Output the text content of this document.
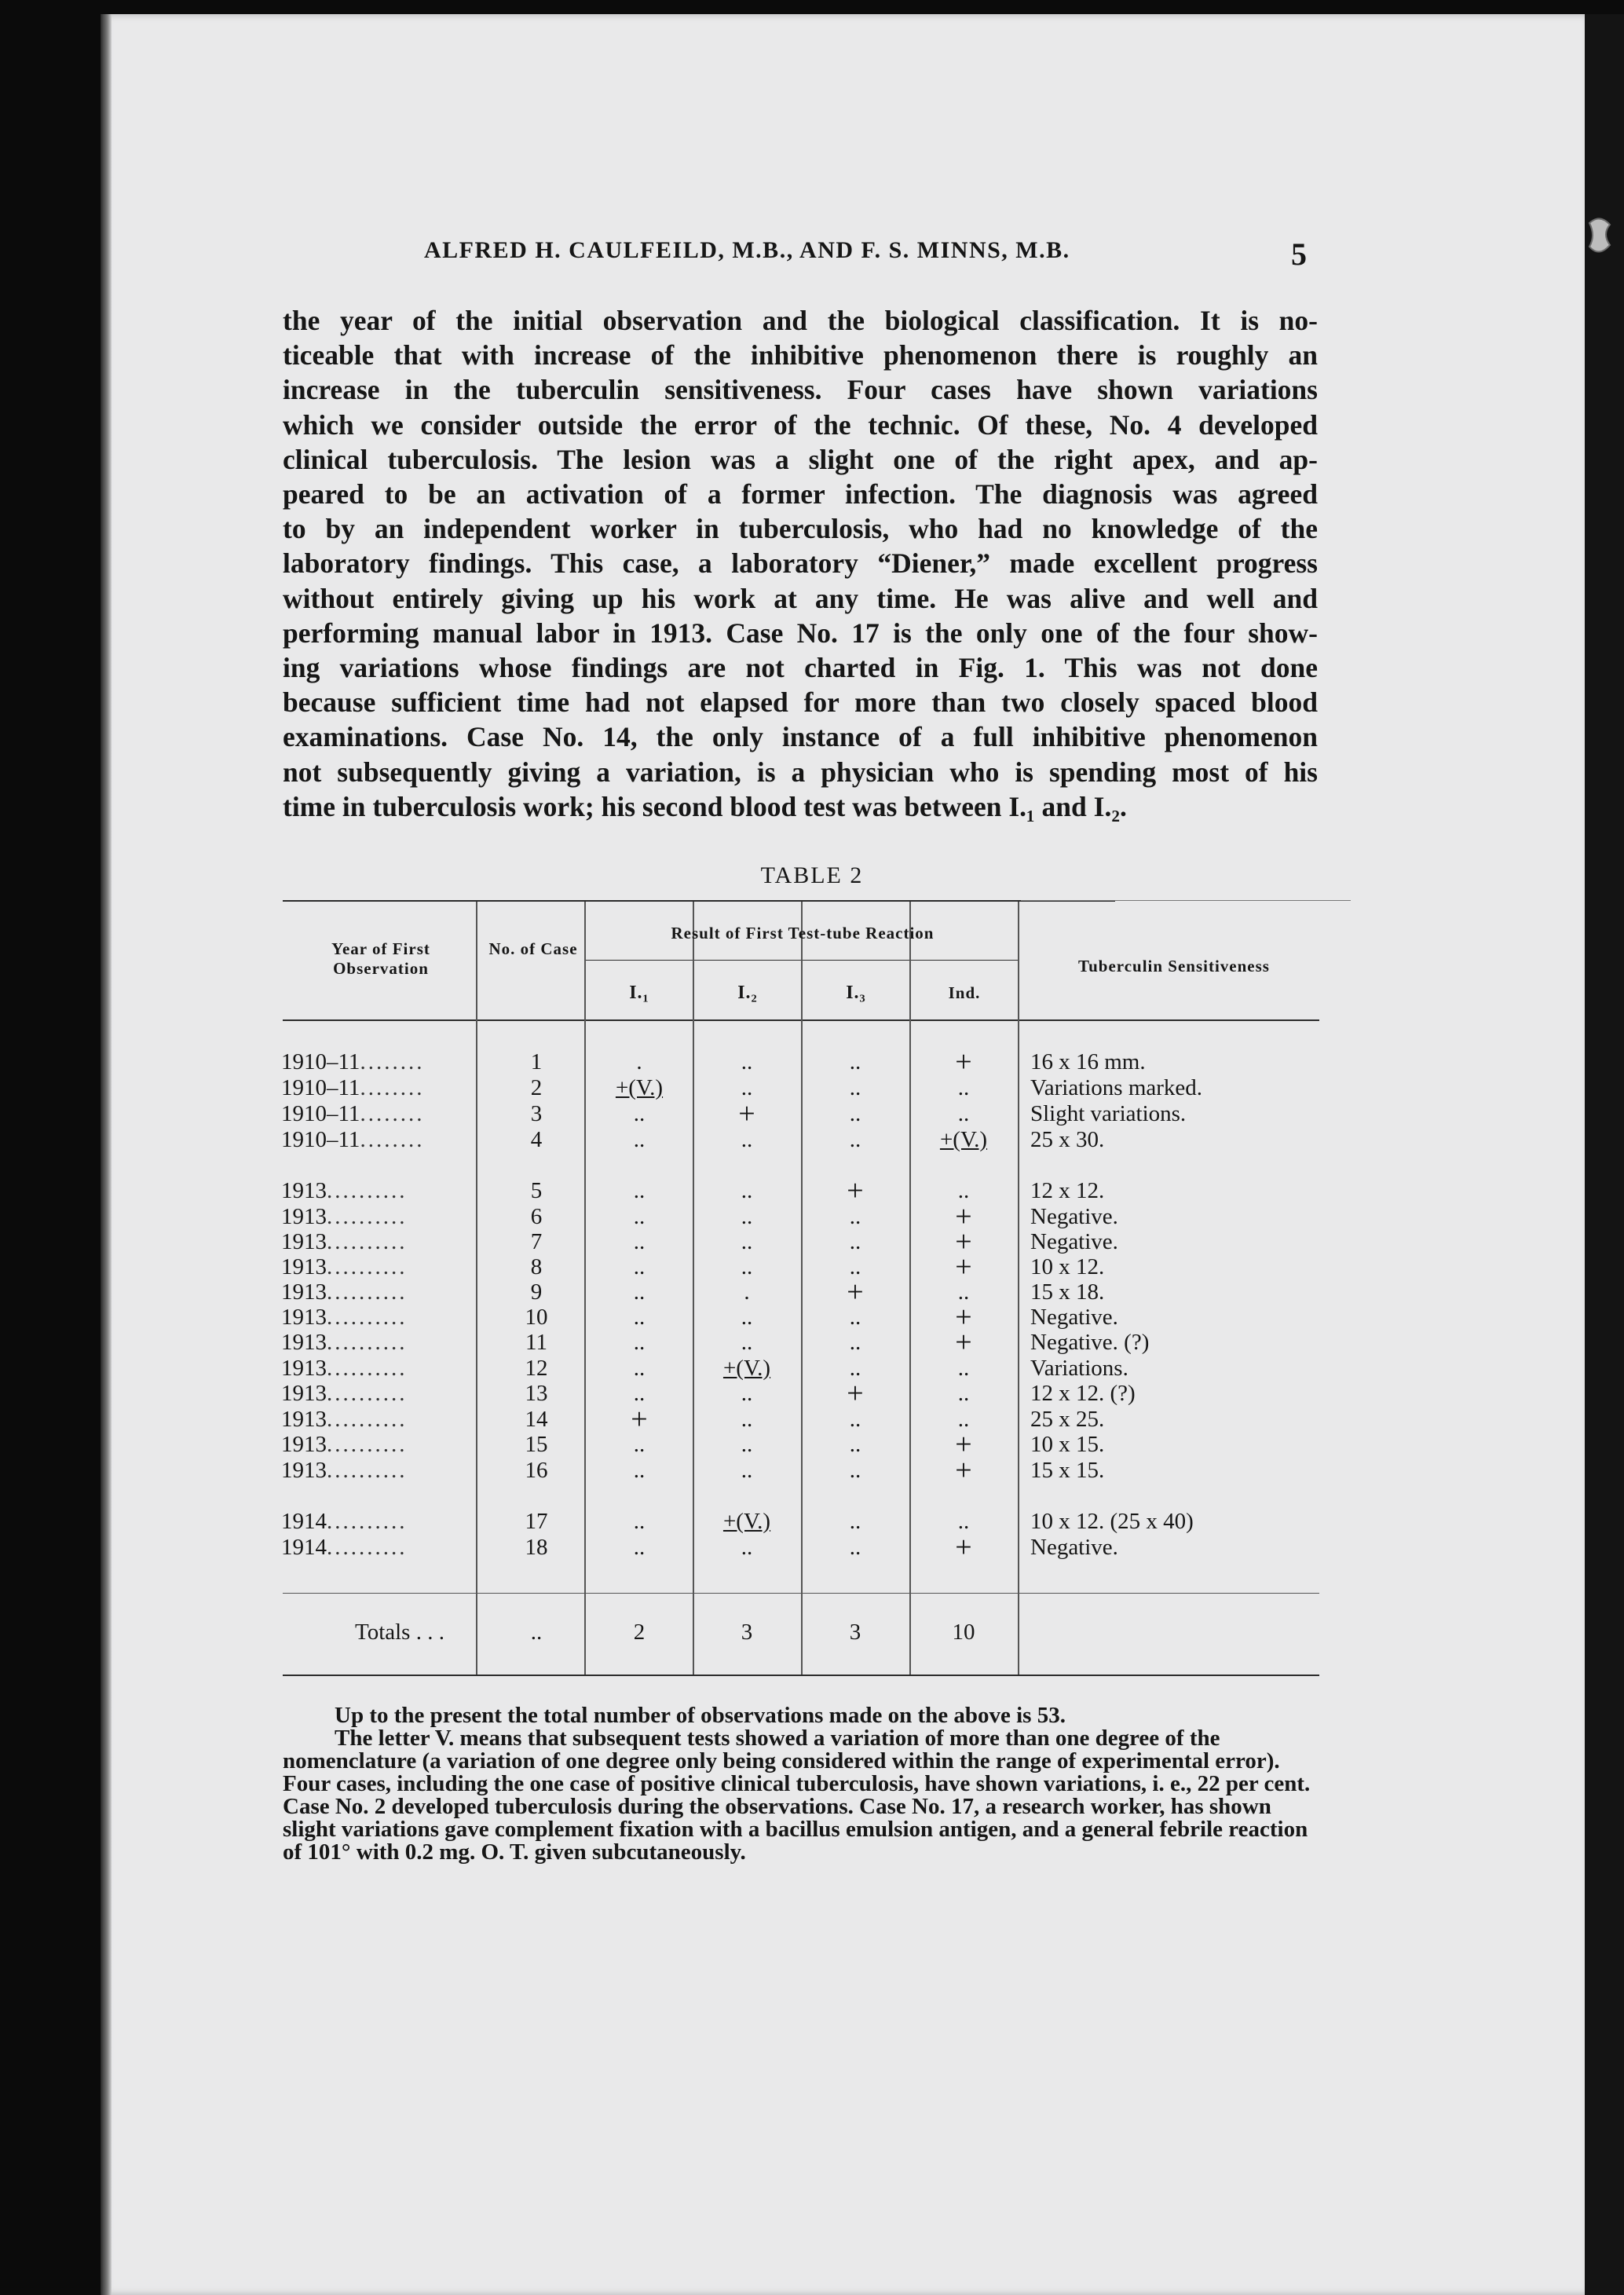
ALFRED H. CAULFEILD, M.B., AND F. S. MINNS, M.B.	5
the year of the initial observation and the biological classification. It is no-
ticeable that with increase of the inhibitive phenomenon there is roughly an
increase in the tuberculin sensitiveness. Four cases have shown variations
which we consider outside the error of the technic. Of these, No. 4 developed
clinical tuberculosis. The lesion was a slight one of the right apex, and ap-
peared to be an activation of a former infection. The diagnosis was agreed
to by an independent worker in tuberculosis, who had no knowledge of the
laboratory findings. This case, a laboratory “Diener,” made excellent progress
without entirely giving up his work at any time. He was alive and well and
performing manual labor in 1913. Case No. 17 is the only one of the four show-
ing variations whose findings are not charted in Fig. 1. This was not done
because sufficient time had not elapsed for more than two closely spaced blood
examinations. Case No. 14, the only instance of a full inhibitive phenomenon
not subsequently giving a variation, is a physician who is spending most of his
time in tuberculosis work; his second blood test was between I.₁ and I.₂.
TABLE 2
Year of First Observation
No. of Case
Result of First Test-tube Reaction
I.₁	I.₂	I.₃	Ind.
Tuberculin Sensitiveness
1910–11........	1	.	..	..	+	16 x 16 mm.
1910–11........	2	+(V.)	..	..	..	Variations marked.
1910–11........	3	..	+	..	..	Slight variations.
1910–11........	4	..	..	..	+(V.)	25 x 30.
1913..........	5	..	..	+	..	12 x 12.
1913..........	6	..	..	..	+	Negative.
1913..........	7	..	..	..	+	Negative.
1913..........	8	..	..	..	+	10 x 12.
1913..........	9	..	.	+	..	15 x 18.
1913..........	10	..	..	..	+	Negative.
1913..........	11	..	..	..	+	Negative. (?)
1913..........	12	..	+(V.)	..	..	Variations.
1913..........	13	..	..	+	..	12 x 12. (?)
1913..........	14	+	..	..	..	25 x 25.
1913..........	15	..	..	..	+	10 x 15.
1913..........	16	..	..	..	+	15 x 15.
1914..........	17	..	+(V.)	..	..	10 x 12. (25 x 40)
1914..........	18	..	..	..	+	Negative.
Totals . . .	..	2	3	3	10

Up to the present the total number of observations made on the above is 53.

The letter V. means that subsequent tests showed a variation of more than one degree of the nomenclature (a variation of one degree only being considered within the range of experimental error). Four cases, including the one case of positive clinical tuberculosis, have shown variations, i. e., 22 per cent. Case No. 2 developed tuberculosis during the observations. Case No. 17, a research worker, has shown slight variations gave complement fixation with a bacillus emulsion antigen, and a general febrile reaction of 101° with 0.2 mg. O. T. given subcutaneously.
